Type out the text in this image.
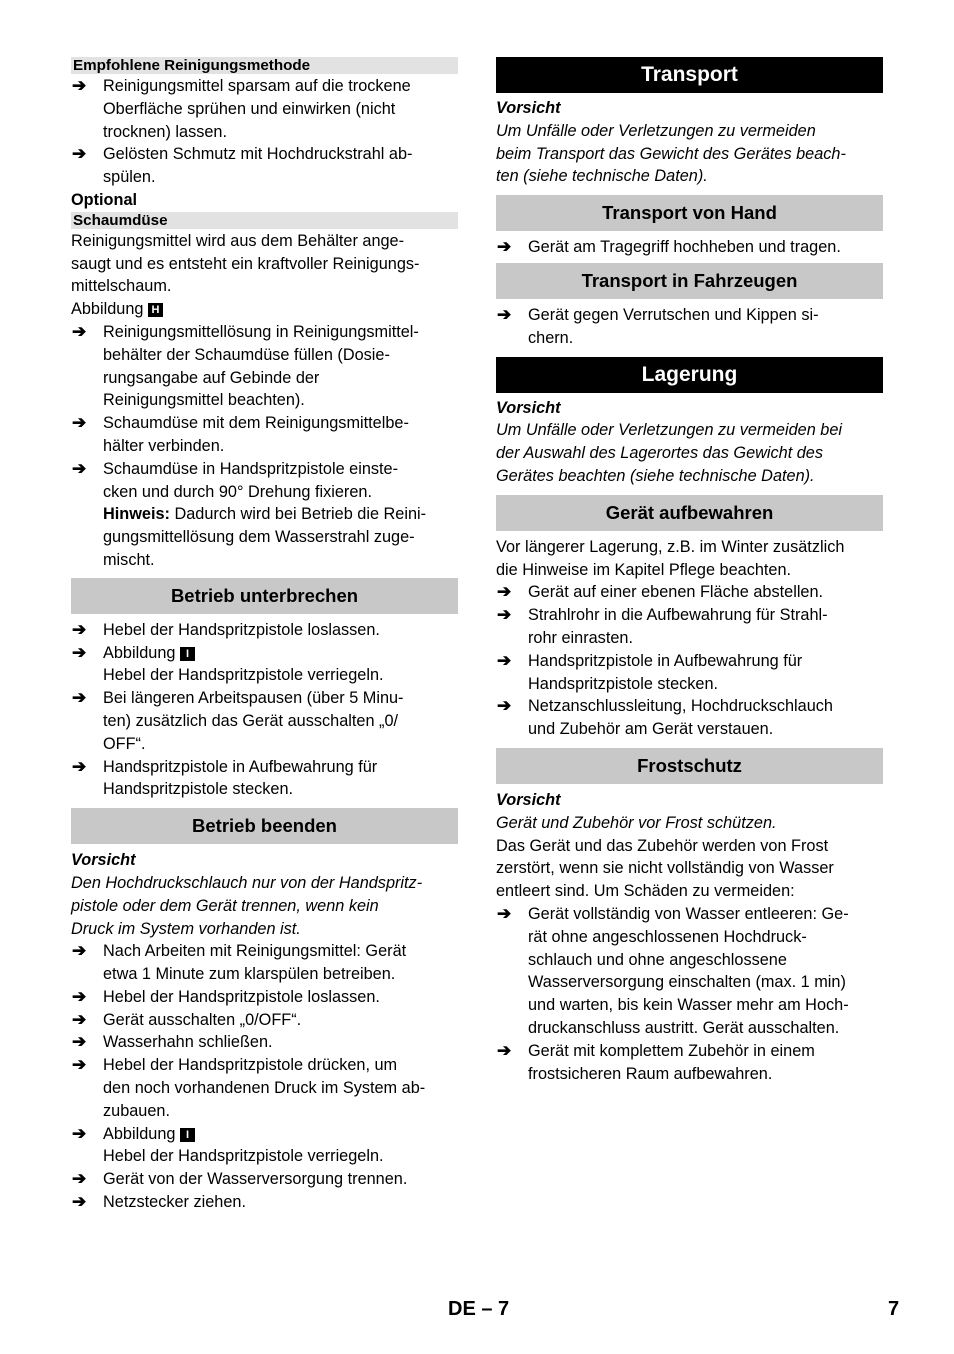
Empfohlene Reinigungsmethode
➔ Reinigungsmittel sparsam auf die trockene
Oberfläche sprühen und einwirken (nicht
trocknen) lassen.
➔ Gelösten Schmutz mit Hochdruckstrahl ab-
spülen.
Optional
Schaumdüse
Reinigungsmittel wird aus dem Behälter ange-
saugt und es entsteht ein kraftvoller Reinigungs-
mittelschaum.
Abbildung H
➔ Reinigungsmittellösung in Reinigungsmittel-
behälter der Schaumdüse füllen (Dosie-
rungsangabe auf Gebinde der
Reinigungsmittel beachten).
➔ Schaumdüse mit dem Reinigungsmittelbe-
hälter verbinden.
➔ Schaumdüse in Handspritzpistole einste-
cken und durch 90° Drehung fixieren.
Hinweis: Dadurch wird bei Betrieb die Reini-
gungsmittellösung dem Wasserstrahl zuge-
mischt.
Betrieb unterbrechen
➔ Hebel der Handspritzpistole loslassen.
➔ Abbildung I
Hebel der Handspritzpistole verriegeln.
➔ Bei längeren Arbeitspausen (über 5 Minu-
ten) zusätzlich das Gerät ausschalten „0/
OFF“.
➔ Handspritzpistole in Aufbewahrung für
Handspritzpistole stecken.
Betrieb beenden
Vorsicht
Den Hochdruckschlauch nur von der Handspritz-
pistole oder dem Gerät trennen, wenn kein
Druck im System vorhanden ist.
➔ Nach Arbeiten mit Reinigungsmittel: Gerät
etwa 1 Minute zum klarspülen betreiben.
➔ Hebel der Handspritzpistole loslassen.
➔ Gerät ausschalten „0/OFF“.
➔ Wasserhahn schließen.
➔ Hebel der Handspritzpistole drücken, um
den noch vorhandenen Druck im System ab-
zubauen.
➔ Abbildung I
Hebel der Handspritzpistole verriegeln.
➔ Gerät von der Wasserversorgung trennen.
➔ Netzstecker ziehen.
Transport
Vorsicht
Um Unfälle oder Verletzungen zu vermeiden
beim Transport das Gewicht des Gerätes beach-
ten (siehe technische Daten).
Transport von Hand
➔ Gerät am Tragegriff hochheben und tragen.
Transport in Fahrzeugen
➔ Gerät gegen Verrutschen und Kippen si-
chern.
Lagerung
Vorsicht
Um Unfälle oder Verletzungen zu vermeiden bei
der Auswahl des Lagerortes das Gewicht des
Gerätes beachten (siehe technische Daten).
Gerät aufbewahren
Vor längerer Lagerung, z.B. im Winter zusätzlich
die Hinweise im Kapitel Pflege beachten.
➔ Gerät auf einer ebenen Fläche abstellen.
➔ Strahlrohr in die Aufbewahrung für Strahl-
rohr einrasten.
➔ Handspritzpistole in Aufbewahrung für
Handspritzpistole stecken.
➔ Netzanschlussleitung, Hochdruckschlauch
und Zubehör am Gerät verstauen.
Frostschutz
Vorsicht
Gerät und Zubehör vor Frost schützen.
Das Gerät und das Zubehör werden von Frost
zerstört, wenn sie nicht vollständig von Wasser
entleert sind. Um Schäden zu vermeiden:
➔ Gerät vollständig von Wasser entleeren: Ge-
rät ohne angeschlossenen Hochdruck-
schlauch und ohne angeschlossene
Wasserversorgung einschalten (max. 1 min)
und warten, bis kein Wasser mehr am Hoch-
druckanschluss austritt. Gerät ausschalten.
➔ Gerät mit komplettem Zubehör in einem
frostsicheren Raum aufbewahren.
DE – 7	7
